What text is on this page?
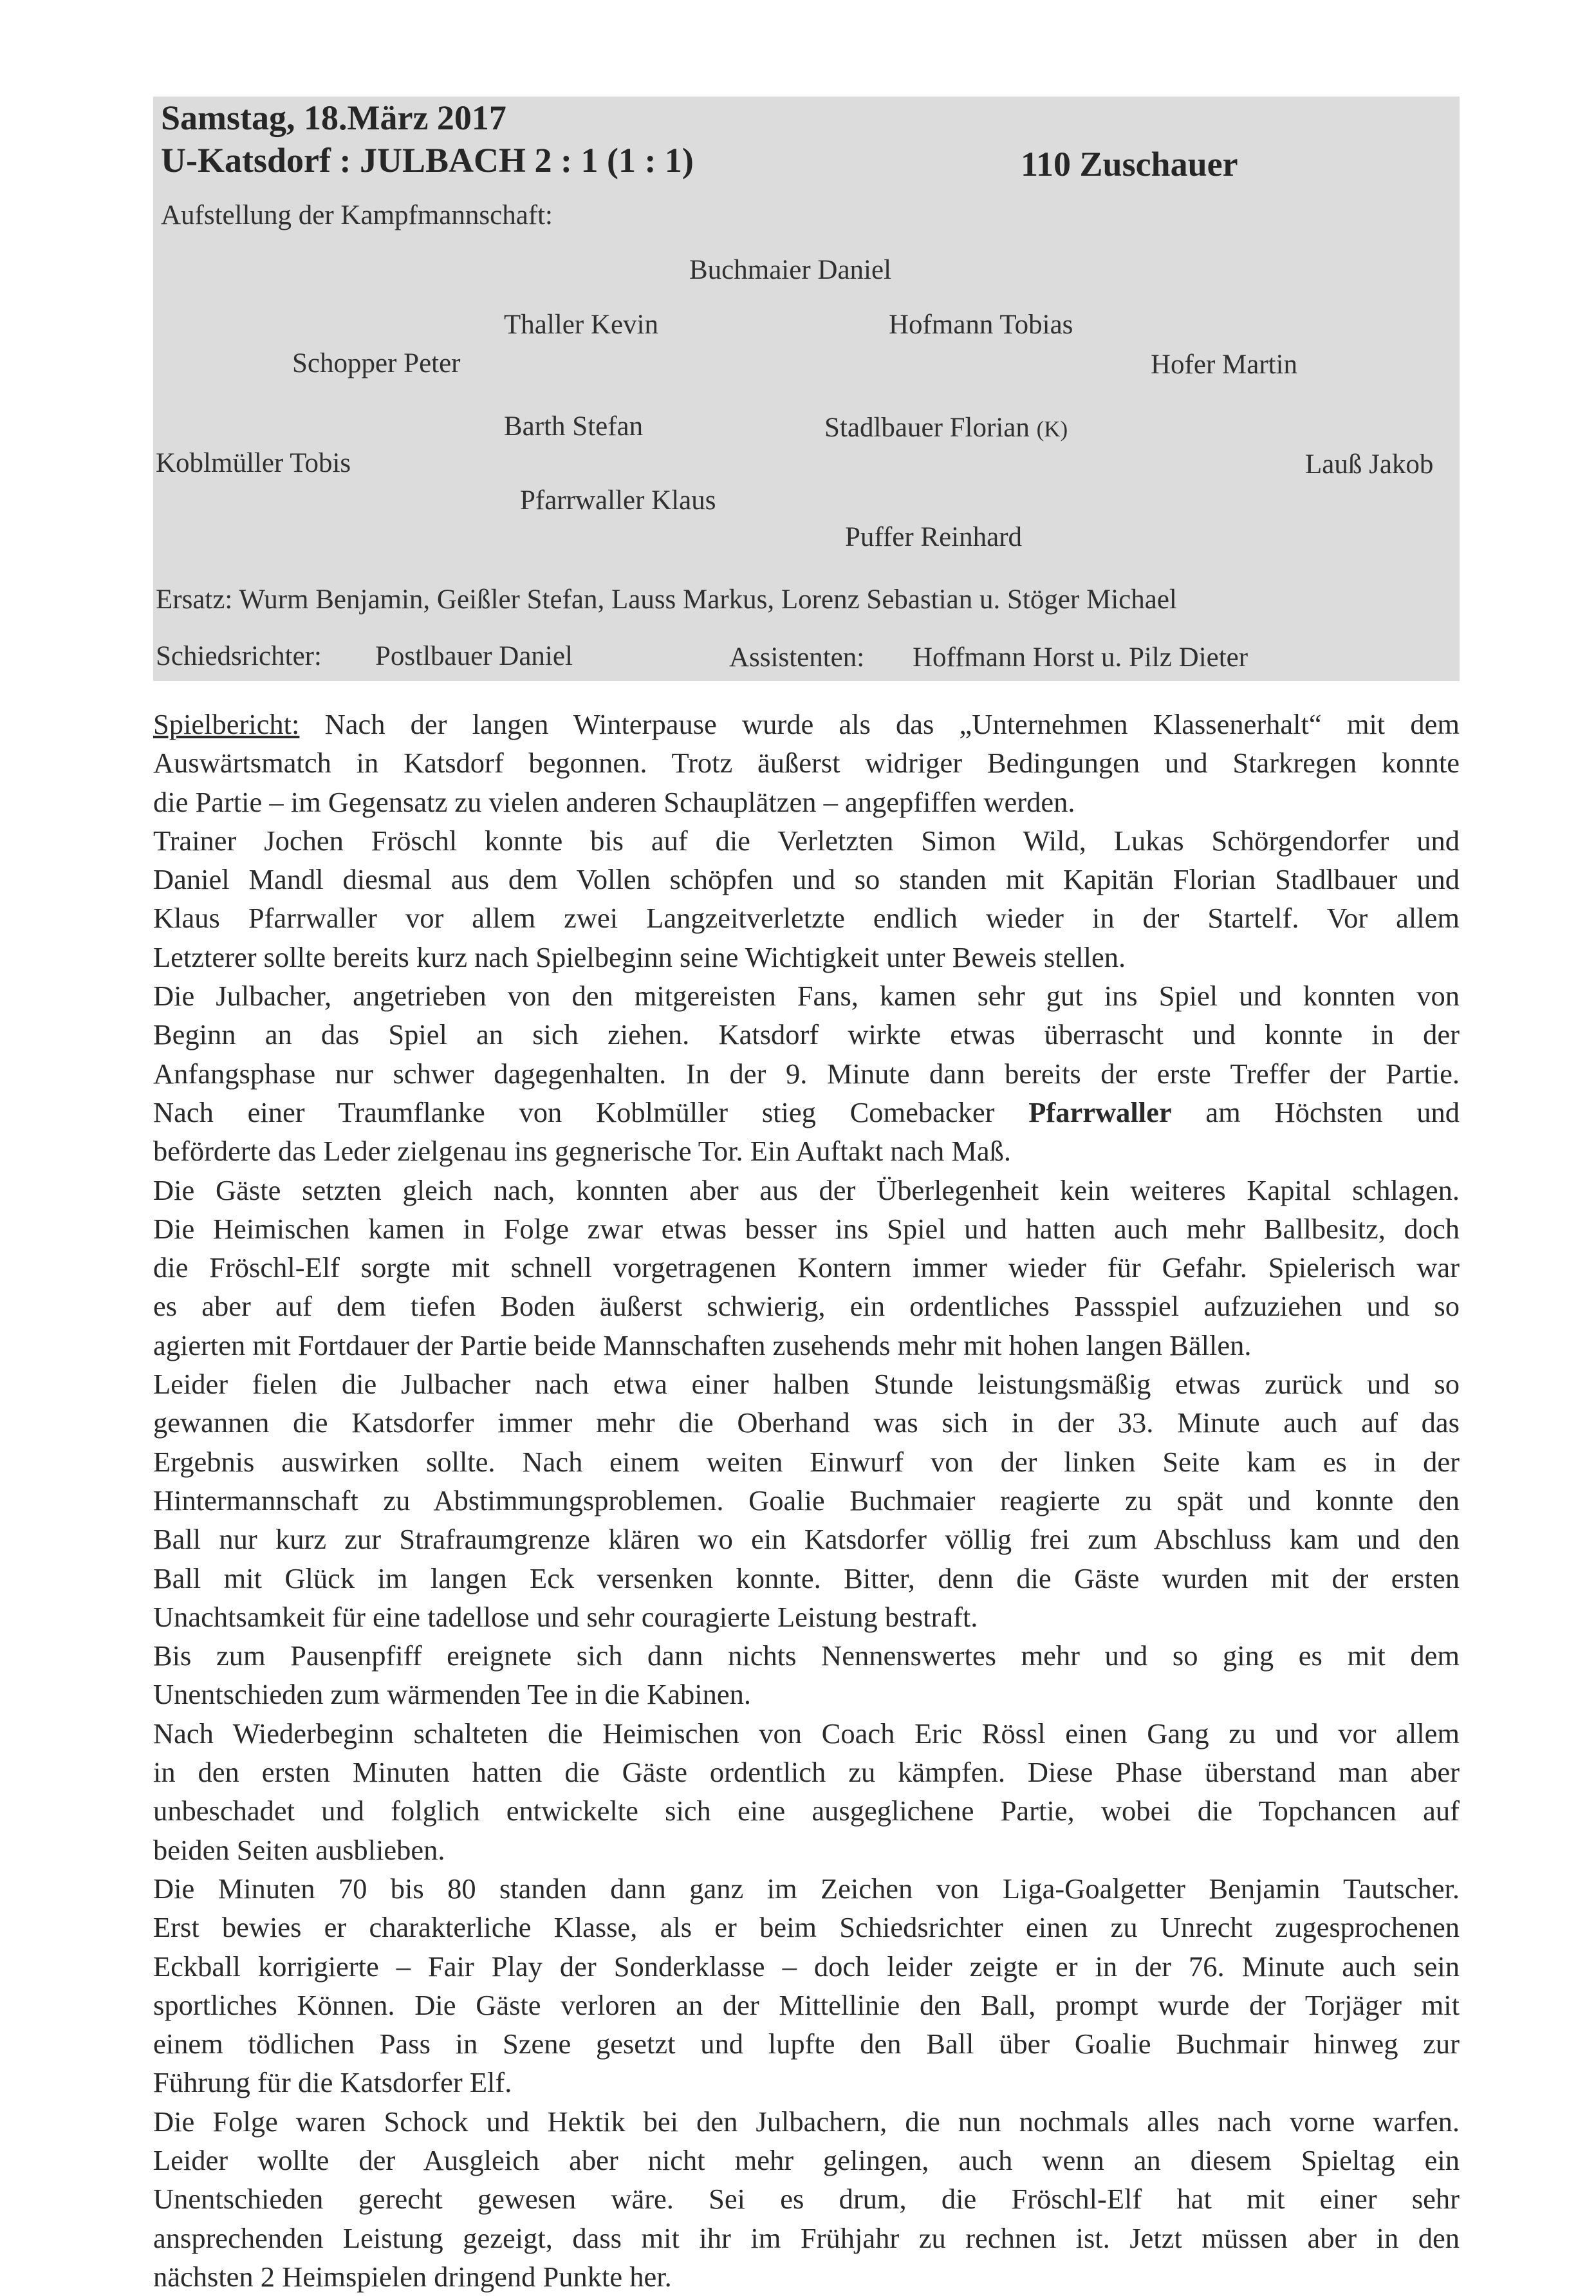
Samstag, 18.März 2017
U-Katsdorf : JULBACH 2 : 1 (1 : 1)	110 Zuschauer
Aufstellung der Kampfmannschaft:
Buchmaier Daniel
Thaller Kevin	Hofmann Tobias
Schopper Peter	Hofer Martin
Barth Stefan	Stadlbauer Florian (K)
Koblmüller Tobis	Lauß Jakob
Pfarrwaller Klaus
Puffer Reinhard
Ersatz: Wurm Benjamin, Geißler Stefan, Lauss Markus, Lorenz Sebastian u. Stöger Michael
Schiedsrichter: Postlbauer Daniel	Assistenten: Hoffmann Horst u. Pilz Dieter

Spielbericht: Nach der langen Winterpause wurde als das „Unternehmen Klassenerhalt“ mit dem

Auswärtsmatch in Katsdorf begonnen. Trotz äußerst widriger Bedingungen und Starkregen konnte

die Partie – im Gegensatz zu vielen anderen Schauplätzen – angepfiffen werden.

Trainer Jochen Fröschl konnte bis auf die Verletzten Simon Wild, Lukas Schörgendorfer und

Daniel Mandl diesmal aus dem Vollen schöpfen und so standen mit Kapitän Florian Stadlbauer und

Klaus Pfarrwaller vor allem zwei Langzeitverletzte endlich wieder in der Startelf. Vor allem

Letzterer sollte bereits kurz nach Spielbeginn seine Wichtigkeit unter Beweis stellen.

Die Julbacher, angetrieben von den mitgereisten Fans, kamen sehr gut ins Spiel und konnten von

Beginn an das Spiel an sich ziehen. Katsdorf wirkte etwas überrascht und konnte in der

Anfangsphase nur schwer dagegenhalten. In der 9. Minute dann bereits der erste Treffer der Partie.

Nach einer Traumflanke von Koblmüller stieg Comebacker Pfarrwaller am Höchsten und

beförderte das Leder zielgenau ins gegnerische Tor. Ein Auftakt nach Maß.

Die Gäste setzten gleich nach, konnten aber aus der Überlegenheit kein weiteres Kapital schlagen.

Die Heimischen kamen in Folge zwar etwas besser ins Spiel und hatten auch mehr Ballbesitz, doch

die Fröschl-Elf sorgte mit schnell vorgetragenen Kontern immer wieder für Gefahr. Spielerisch war

es aber auf dem tiefen Boden äußerst schwierig, ein ordentliches Passspiel aufzuziehen und so

agierten mit Fortdauer der Partie beide Mannschaften zusehends mehr mit hohen langen Bällen.

Leider fielen die Julbacher nach etwa einer halben Stunde leistungsmäßig etwas zurück und so

gewannen die Katsdorfer immer mehr die Oberhand was sich in der 33. Minute auch auf das

Ergebnis auswirken sollte. Nach einem weiten Einwurf von der linken Seite kam es in der

Hintermannschaft zu Abstimmungsproblemen. Goalie Buchmaier reagierte zu spät und konnte den

Ball nur kurz zur Strafraumgrenze klären wo ein Katsdorfer völlig frei zum Abschluss kam und den

Ball mit Glück im langen Eck versenken konnte. Bitter, denn die Gäste wurden mit der ersten

Unachtsamkeit für eine tadellose und sehr couragierte Leistung bestraft.

Bis zum Pausenpfiff ereignete sich dann nichts Nennenswertes mehr und so ging es mit dem

Unentschieden zum wärmenden Tee in die Kabinen.

Nach Wiederbeginn schalteten die Heimischen von Coach Eric Rössl einen Gang zu und vor allem

in den ersten Minuten hatten die Gäste ordentlich zu kämpfen. Diese Phase überstand man aber

unbeschadet und folglich entwickelte sich eine ausgeglichene Partie, wobei die Topchancen auf

beiden Seiten ausblieben.

Die Minuten 70 bis 80 standen dann ganz im Zeichen von Liga-Goalgetter Benjamin Tautscher.

Erst bewies er charakterliche Klasse, als er beim Schiedsrichter einen zu Unrecht zugesprochenen

Eckball korrigierte – Fair Play der Sonderklasse – doch leider zeigte er in der 76. Minute auch sein

sportliches Können. Die Gäste verloren an der Mittellinie den Ball, prompt wurde der Torjäger mit

einem tödlichen Pass in Szene gesetzt und lupfte den Ball über Goalie Buchmair hinweg zur

Führung für die Katsdorfer Elf.

Die Folge waren Schock und Hektik bei den Julbachern, die nun nochmals alles nach vorne warfen.

Leider wollte der Ausgleich aber nicht mehr gelingen, auch wenn an diesem Spieltag ein

Unentschieden gerecht gewesen wäre. Sei es drum, die Fröschl-Elf hat mit einer sehr

ansprechenden Leistung gezeigt, dass mit ihr im Frühjahr zu rechnen ist. Jetzt müssen aber in den

nächsten 2 Heimspielen dringend Punkte her.
